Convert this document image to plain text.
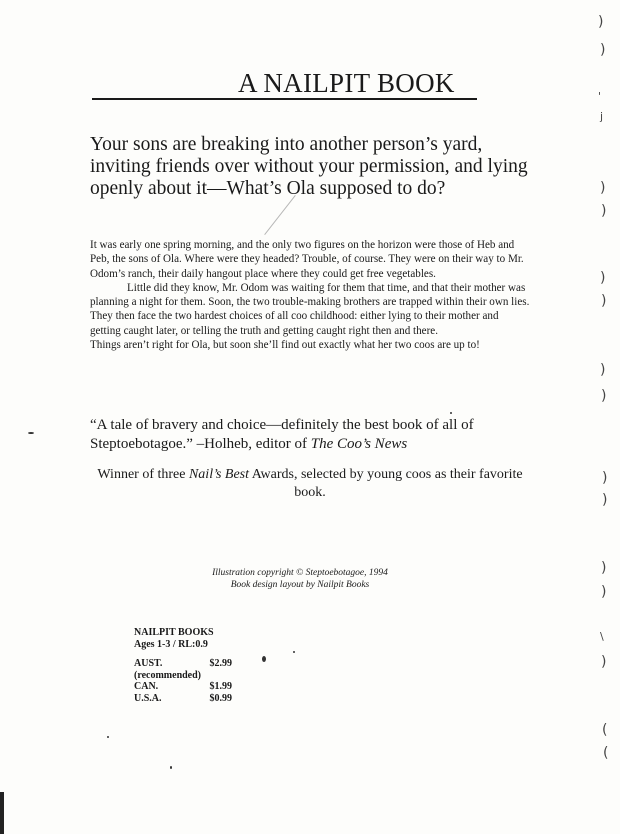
A NAILPIT BOOK
Your sons are breaking into another person’s yard, inviting friends over without your permission, and lying openly about it—What’s Ola supposed to do?

It was early one spring morning, and the only two figures on the horizon were those of Heb and Peb, the sons of Ola. Where were they headed? Trouble, of course. They were on their way to Mr. Odom’s ranch, their daily hangout place where they could get free vegetables.

Little did they know, Mr. Odom was waiting for them that time, and that their mother was planning a night for them. Soon, the two trouble-making brothers are trapped within their own lies. They then face the two hardest choices of all coo childhood: either lying to their mother and getting caught later, or telling the truth and getting caught right then and there.

Things aren’t right for Ola, but soon she’ll find out exactly what her two coos are up to!

“A tale of bravery and choice—definitely the best book of all of Steptoebotagoe.” –Holheb, editor of The Coo’s News
Winner of three Nail’s Best Awards, selected by young coos as their favorite book.
Illustration copyright © Steptoebotagoe, 1994
Book design layout by Nailpit Books
NAILPIT BOOKS
Ages 1-3 / RL:0.9
AUST.	$2.99
(recommended)
CAN.	$1.99
U.S.A.	$0.99
)
)
'
j
)
)
)
)
)
)
)
)
)
)
\
)
(
(
